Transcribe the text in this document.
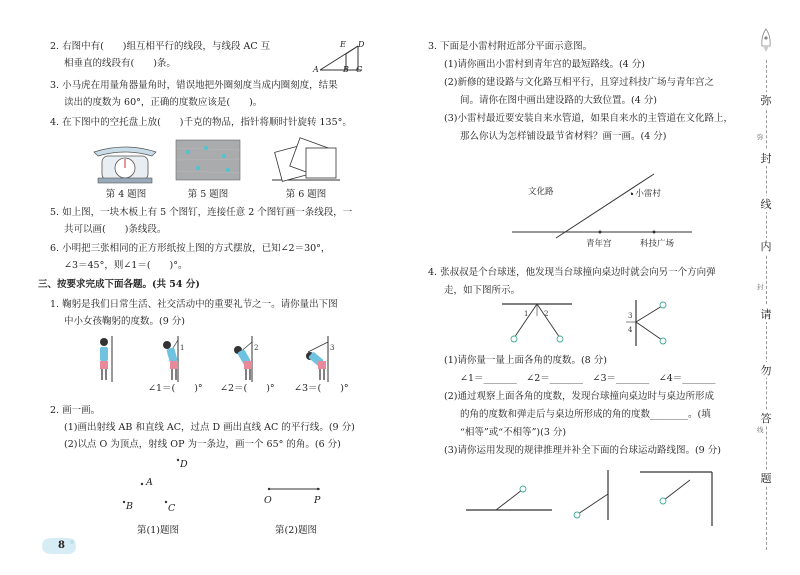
2. 右图中有(　　)组互相平行的线段，与线段 AC 互
相垂直的线段有(　　)条。
E D
A	B C
3. 小马虎在用量角器量角时，错误地把外圈刻度当成内圈刻度，结果
读出的度数为 60°，正确的度数应该是(　　)。
4. 在下图中的空托盘上放(　　)千克的物品，指针将顺时针旋转 135°。
第 4 题图	第 5 题图	第 6 题图
5. 如上图，一块木板上有 5 个图钉，连接任意 2 个图钉画一条线段，一
共可以画(　　)条线段。
6. 小明把三张相同的正方形纸按上图的方式摆放，已知∠2＝30°，
∠3＝45°，则∠1＝(　　)°。
三、按要求完成下面各题。(共 54 分)
1. 鞠躬是我们日常生活、社交活动中的重要礼节之一。请你量出下图
中小女孩鞠躬的度数。(9 分)
1	2	3
∠1＝(　　)° ∠2＝(　　)° ∠3＝(　　)°
2. 画一画。
(1)画出射线 AB 和直线 AC，过点 D 画出直线 AC 的平行线。(9 分)
(2)以点 O 为顶点，射线 OP 为一条边，画一个 65° 的角。(6 分)
D
A
B	C
O	P
第(1)题图	第(2)题图
8
3. 下面是小雷村附近部分平面示意图。
(1)请你画出小雷村到青年宫的最短路线。(4 分)
(2)新修的建设路与文化路互相平行，且穿过科技广场与青年宫之
间。请你在图中画出建设路的大致位置。(4 分)
(3)小雷村最近要安装自来水管道，如果自来水的主管道在文化路上，
那么你认为怎样铺设最节省材料？画一画。(4 分)
文化路	· 小雷村
青年宫	科技广场
4. 张叔叔是个台球迷，他发现当台球撞向桌边时就会向另一个方向弹
走，如下图所示。
1 2	3
4
(1)请你量一量上面各角的度数。(8 分)
∠1＝_______　∠2＝_______　∠3＝_______　∠4＝_______
(2)通过观察上面各角的度数，发现台球撞向桌边时与桌边所形成
的角的度数和弹走后与桌边所形成的角的度数________。(填
“相等”或“不相等”)(3 分)
(3)请你运用发现的规律推理并补全下面的台球运动路线图。(9 分)
弥
弥
封
线
内
封
请
勿
答
线
题
